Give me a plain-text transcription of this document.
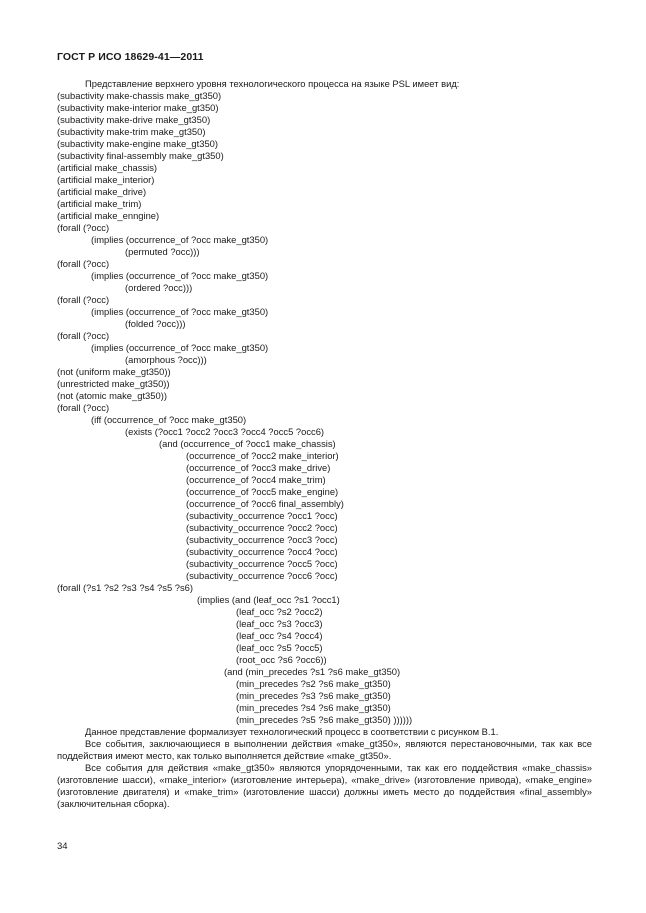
ГОСТ Р ИСО 18629-41—2011

Представление верхнего уровня технологического процесса на языке PSL имеет вид:

(subactivity make-chassis make_gt350)
(subactivity make-interior make_gt350)
(subactivity make-drive make_gt350)
(subactivity make-trim make_gt350)
(subactivity make-engine make_gt350)
(subactivity final-assembly make_gt350)
(artificial make_chassis)
(artificial make_interior)
(artificial make_drive)
(artificial make_trim)
(artificial make_enngine)
(forall (?occ)
(implies (occurrence_of ?occ make_gt350)
(permuted ?occ)))
(forall (?occ)
(implies (occurrence_of ?occ make_gt350)
(ordered ?occ)))
(forall (?occ)
(implies (occurrence_of ?occ make_gt350)
(folded ?occ)))
(forall (?occ)
(implies (occurrence_of ?occ make_gt350)
(amorphous ?occ)))
(not (uniform make_gt350))
(unrestricted make_gt350))
(not (atomic make_gt350))
(forall (?occ)
(iff (occurrence_of ?occ make_gt350)
(exists (?occ1 ?occ2 ?occ3 ?occ4 ?occ5 ?occ6)
(and (occurrence_of ?occ1 make_chassis)
(occurrence_of ?occ2 make_interior)
(occurrence_of ?occ3 make_drive)
(occurrence_of ?occ4 make_trim)
(occurrence_of ?occ5 make_engine)
(occurrence_of ?occ6 final_assembly)
(subactivity_occurrence ?occ1 ?occ)
(subactivity_occurrence ?occ2 ?occ)
(subactivity_occurrence ?occ3 ?occ)
(subactivity_occurrence ?occ4 ?occ)
(subactivity_occurrence ?occ5 ?occ)
(subactivity_occurrence ?occ6 ?occ)
(forall (?s1 ?s2 ?s3 ?s4 ?s5 ?s6)
(implies (and (leaf_occ ?s1 ?occ1)
(leaf_occ ?s2 ?occ2)
(leaf_occ ?s3 ?occ3)
(leaf_occ ?s4 ?occ4)
(leaf_occ ?s5 ?occ5)
(root_occ ?s6 ?occ6))
(and (min_precedes ?s1 ?s6 make_gt350)
(min_precedes ?s2 ?s6 make_gt350)
(min_precedes ?s3 ?s6 make_gt350)
(min_precedes ?s4 ?s6 make_gt350)
(min_precedes ?s5 ?s6 make_gt350) ))))))

Данное представление формализует технологический процесс в соответствии с рисунком В.1.

Все события, заключающиеся в выполнении действия «make_gt350», являются перестановочными, так как все поддействия имеют место, как только выполняется действие «make_gt350».

Все события для действия «make_gt350» являются упорядоченными, так как его поддействия «make_chassis» (изготовление шасси), «make_interior» (изготовление интерьера), «make_drive» (изготовление привода), «make_engine» (изготовление двигателя) и «make_trim» (изготовление шасси) должны иметь место до поддействия «final_assembly» (заключительная сборка).

34
